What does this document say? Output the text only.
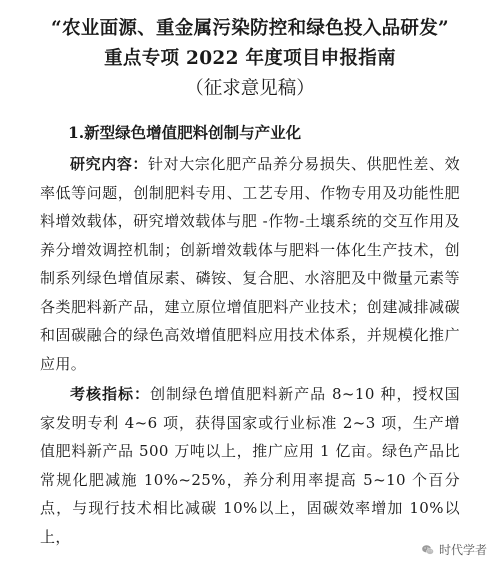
“农业面源、重金属污染防控和绿色投入品研发”
重点专项 2022 年度项目申报指南

（征求意见稿）

1.新型绿色增值肥料创制与产业化

研究内容：针对大宗化肥产品养分易损失、供肥性差、效率低等问题，创制肥料专用、工艺专用、作物专用及功能性肥料增效载体，研究增效载体与肥 -作物-土壤系统的交互作用及养分增效调控机制；创新增效载体与肥料一体化生产技术，创制系列绿色增值尿素、磷铵、复合肥、水溶肥及中微量元素等各类肥料新产品，建立原位增值肥料产业技术；创建减排减碳和固碳融合的绿色高效增值肥料应用技术体系，并规模化推广应用。

考核指标：创制绿色增值肥料新产品 8~10 种，授权国家发明专利 4~6 项，获得国家或行业标准 2~3 项，生产增值肥料新产品 500 万吨以上，推广应用 1 亿亩。绿色产品比常规化肥减施 10%~25%，养分利用率提高 5~10 个百分点，与现行技术相比减碳 10%以上，固碳效率增加 10%以上，

时代学者
